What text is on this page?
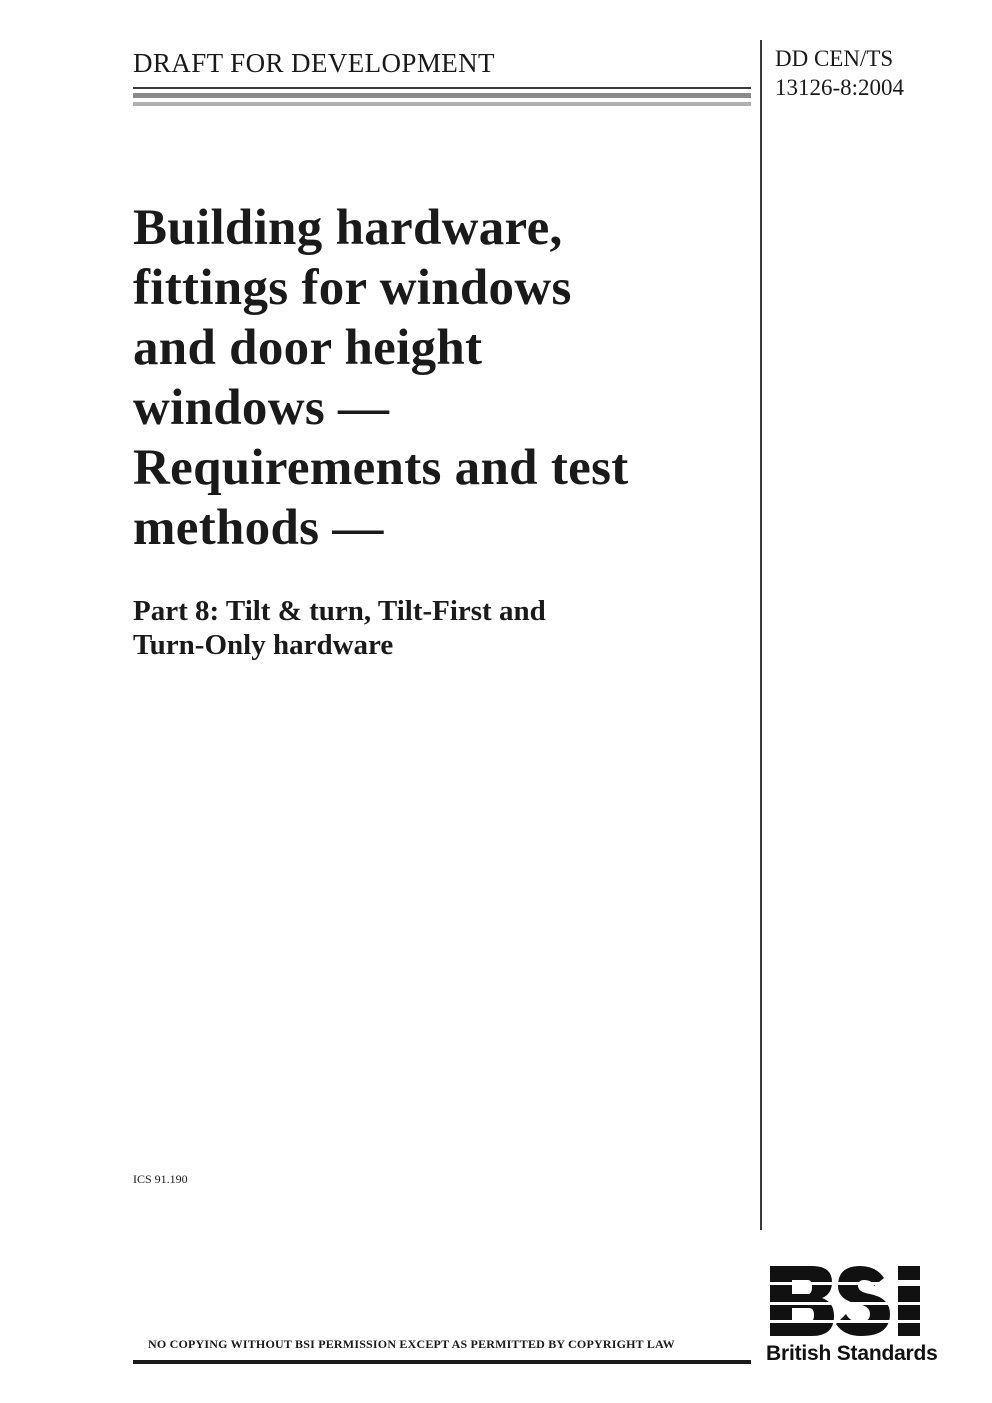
DRAFT FOR DEVELOPMENT	DD CEN/TS
13126-8:2004
Building hardware,
fittings for windows
and door height
windows —
Requirements and test
methods —
Part 8: Tilt & turn, Tilt-First and
Turn-Only hardware
ICS 91.190
NO COPYING WITHOUT BSI PERMISSION EXCEPT AS PERMITTED BY COPYRIGHT LAW	British Standards
